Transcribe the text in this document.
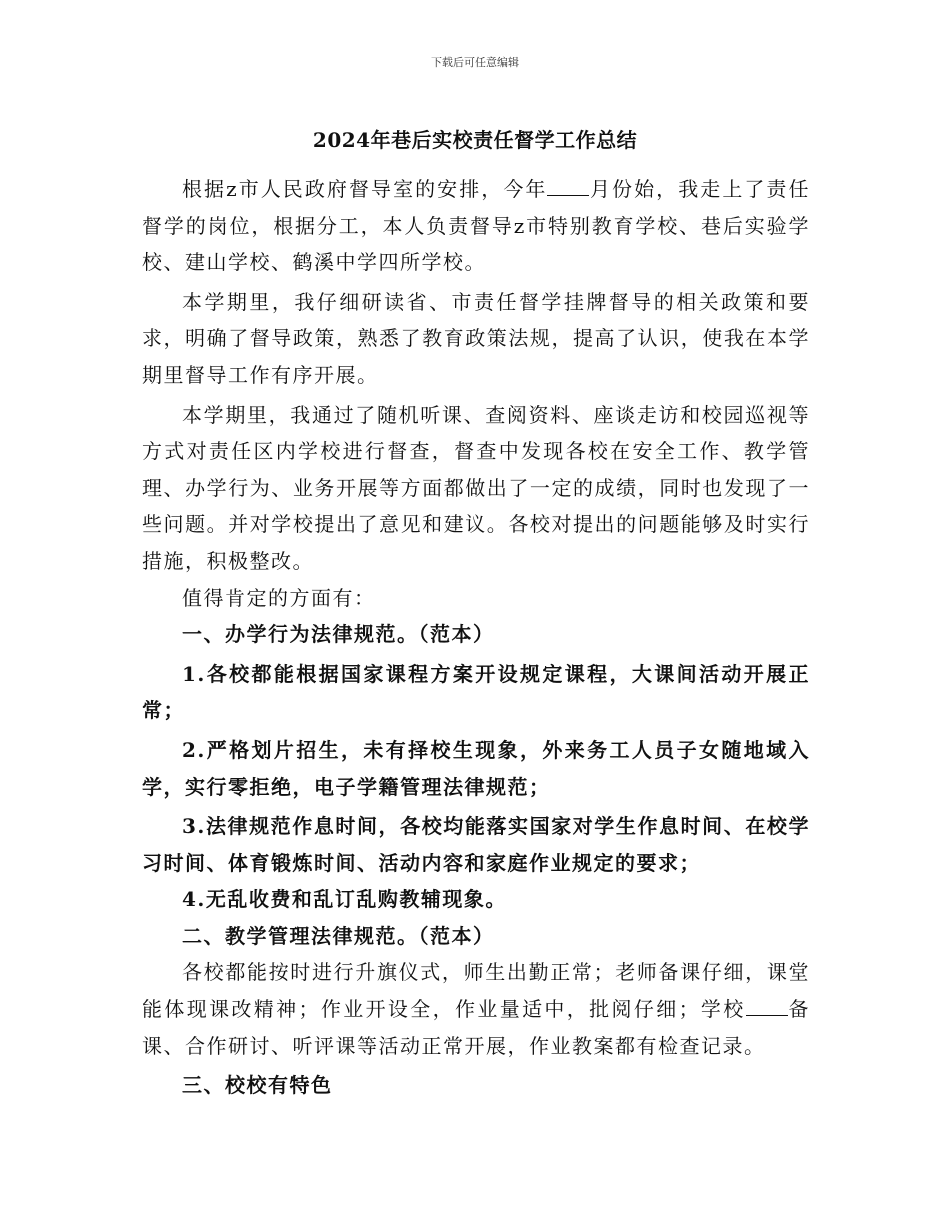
下载后可任意编辑
2024年巷后实校责任督学工作总结

根据z市人民政府督导室的安排，今年 月份始，我走上了责任督学的岗位，根据分工，本人负责督导z市特别教育学校、巷后实验学校、建山学校、鹤溪中学四所学校。

本学期里，我仔细研读省、市责任督学挂牌督导的相关政策和要求，明确了督导政策，熟悉了教育政策法规，提高了认识，使我在本学期里督导工作有序开展。

本学期里，我通过了随机听课、查阅资料、座谈走访和校园巡视等方式对责任区内学校进行督查，督查中发现各校在安全工作、教学管理、办学行为、业务开展等方面都做出了一定的成绩，同时也发现了一些问题。并对学校提出了意见和建议。各校对提出的问题能够及时实行措施，积极整改。

值得肯定的方面有：

一、办学行为法律规范。（范本）

1.各校都能根据国家课程方案开设规定课程，大课间活动开展正常；

2.严格划片招生，未有择校生现象，外来务工人员子女随地域入学，实行零拒绝，电子学籍管理法律规范；

3.法律规范作息时间，各校均能落实国家对学生作息时间、在校学习时间、体育锻炼时间、活动内容和家庭作业规定的要求；

4.无乱收费和乱订乱购教辅现象。

二、教学管理法律规范。（范本）

各校都能按时进行升旗仪式，师生出勤正常；老师备课仔细，课堂能体现课改精神；作业开设全，作业量适中，批阅仔细；学校 备课、合作研讨、听评课等活动正常开展，作业教案都有检查记录。

三、校校有特色
